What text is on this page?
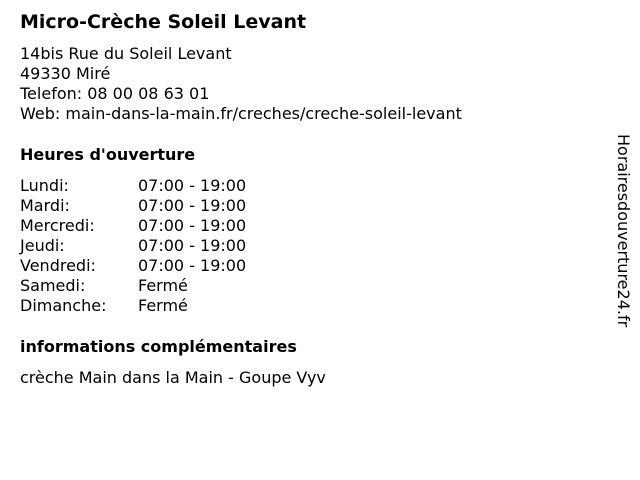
Micro-Crèche Soleil Levant
14bis Rue du Soleil Levant
49330 Miré
Telefon: 08 00 08 63 01
Web: main-dans-la-main.fr/creches/creche-soleil-levant
Heures d'ouverture
Lundi:	07:00 - 19:00
Mardi:	07:00 - 19:00
Mercredi:	07:00 - 19:00
Jeudi:	07:00 - 19:00
Vendredi:	07:00 - 19:00
Samedi:	Fermé
Dimanche:	Fermé
informations complémentaires
crèche Main dans la Main - Goupe Vyv
Horairesdouverture24.fr
